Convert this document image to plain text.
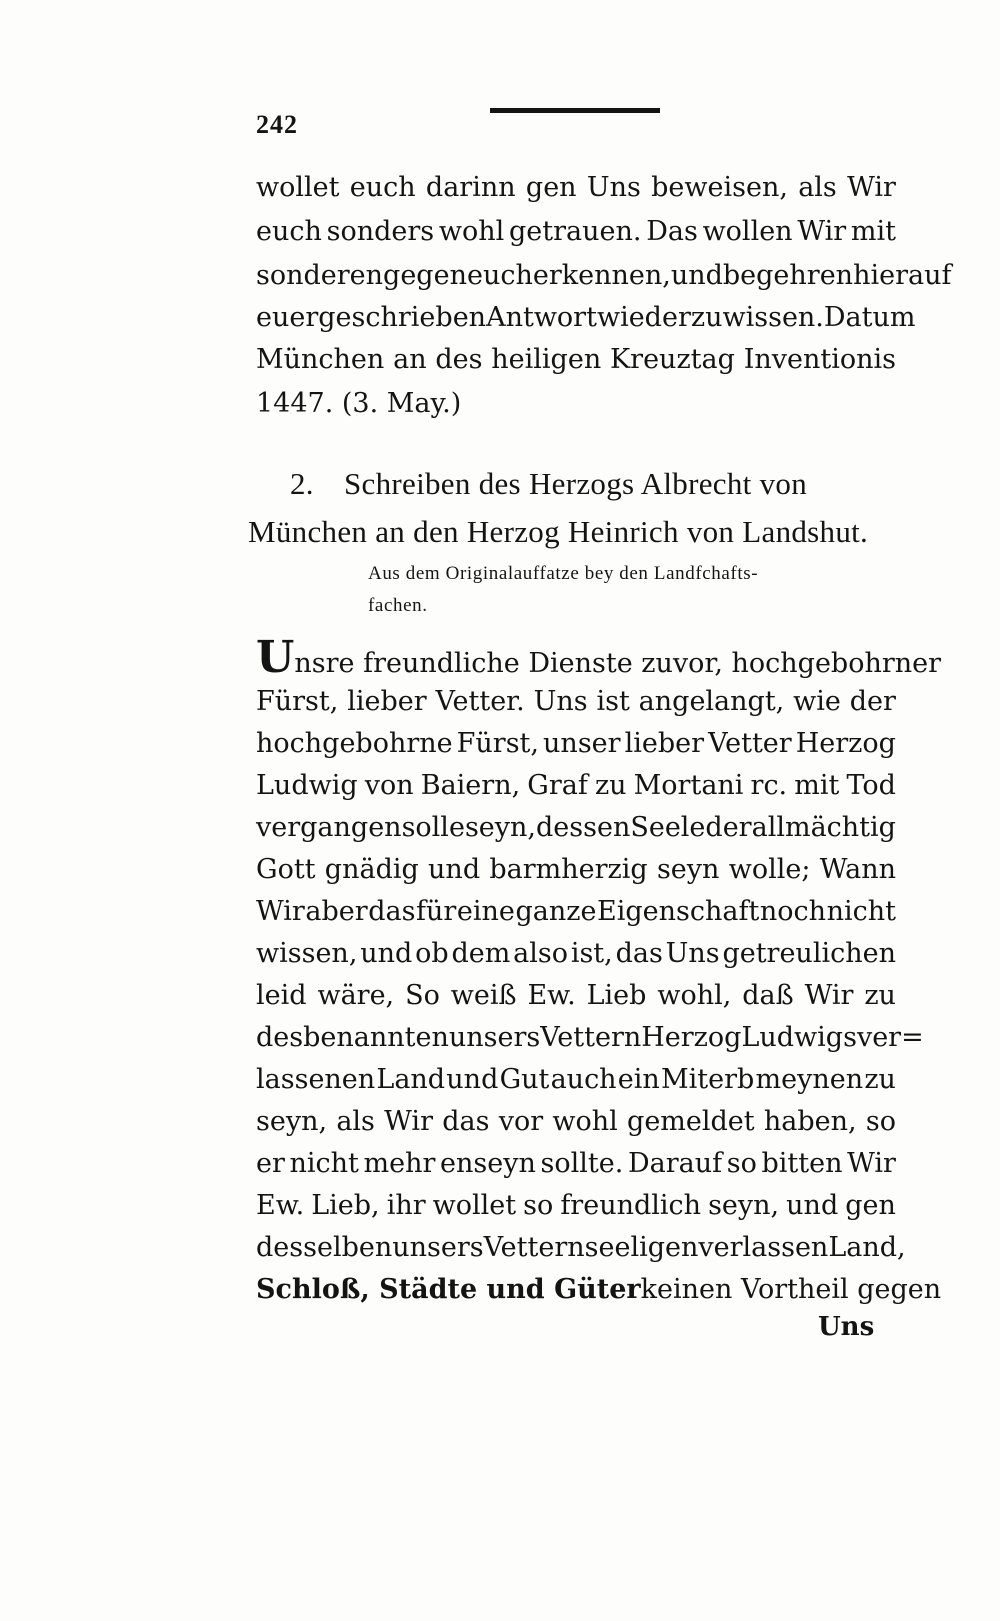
242
wollet euch darinn gen Uns beweisen, als Wir
euch sonders wohl getrauen. Das wollen Wir mit
sonderen gegen euch erkennen, und begehren hierauf
euer geschrieben Antwort wieder zu wissen. Datum
München an des heiligen Kreuztag Inventionis
1447. (3. May.)
2. Schreiben des Herzogs Albrecht von
München an den Herzog Heinrich von Landshut.
Aus dem Originalauffatze bey den Landfchafts-
fachen.
Unsre freundliche Dienste zuvor, hochgebohrner
Fürst, lieber Vetter. Uns ist angelangt, wie der
hochgebohrne Fürst, unser lieber Vetter Herzog
Ludwig von Baiern, Graf zu Mortani rc. mit Tod
vergangen solle seyn, dessen Seele der allmächtig
Gott gnädig und barmherzig seyn wolle; Wann
Wir aber das für eine ganze Eigenschaft noch nicht
wissen, und ob dem also ist, das Uns getreulichen
leid wäre, So weiß Ew. Lieb wohl, daß Wir zu
des benannten unsers Vettern Herzog Ludwigs ver=
lassenen Land und Gut auch ein Miterb meynen zu
seyn, als Wir das vor wohl gemeldet haben, so
er nicht mehr enseyn sollte. Darauf so bitten Wir
Ew. Lieb, ihr wollet so freundlich seyn, und gen
desselben unsers Vettern seeligen verlassen Land,
Schloß, Städte und Güter keinen Vortheil gegen
Uns
